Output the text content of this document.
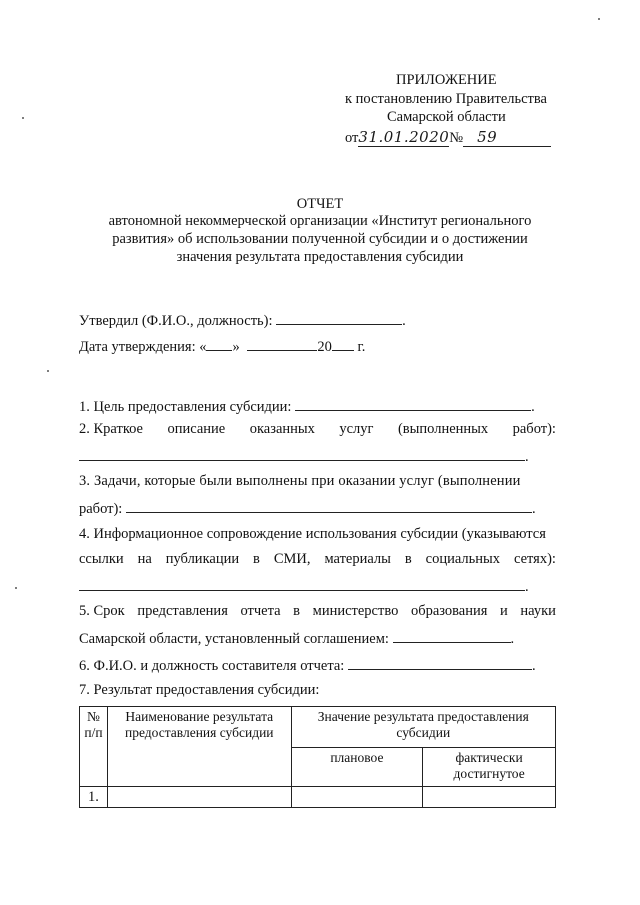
ПРИЛОЖЕНИЕ
к постановлению Правительства
Самарской области
от31.01.2020№ 59
ОТЧЕТ
автономной некоммерческой организации «Институт регионального
развития» об использовании полученной субсидии и о достижении
значения результата предоставления субсидии
Утвердил (Ф.И.О., должность):	.
Дата утверждения: « »	20 г.
1. Цель предоставления субсидии:	.
2. Краткое описание оказанных услуг (выполненных работ):
.
3. Задачи, которые были выполнены при оказании услуг (выполнении
работ):	.
4. Информационное сопровождение использования субсидии (указываются
ссылки на публикации в СМИ, материалы в социальных сетях):
.
5. Срок представления отчета в министерство образования и науки
Самарской области, установленный соглашением:	.
6. Ф.И.О. и должность составителя отчета:	.
7. Результат предоставления субсидии:
№ п/п	Наименование результата предоставления субсидии	Значение результата предоставления субсидии	
		плановое	фактически достигнутое
1.			
